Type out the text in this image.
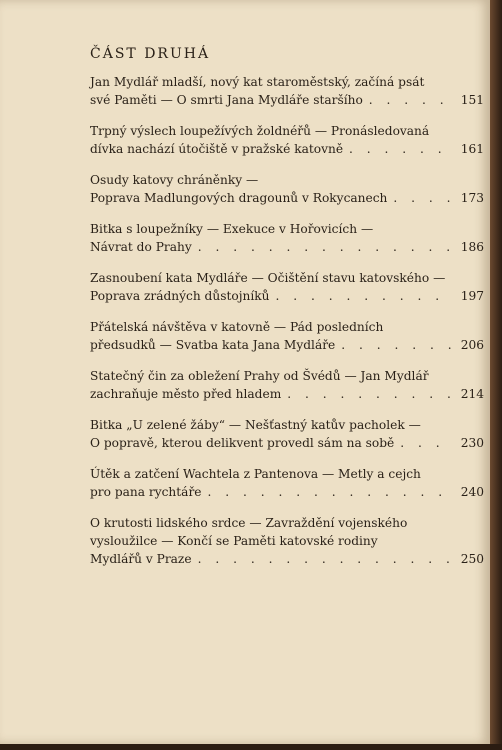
ČÁST DRUHÁ
Jan Mydlář mladší, nový kat staroměstský, začíná psát
své Paměti — O smrti Jana Mydláře staršího . . .	151
Trpný výslech loupežívých žoldnéřů — Pronásledovaná
dívka nachází útočiště v pražské katovně . . .	161
Osudy katovy chráněnky —
Poprava Madlungových dragounů v Rokycanech . . .	173
Bitka s loupežníky — Exekuce v Hořovicích —
Návrat do Prahy . . .	186
Zasnoubení kata Mydláře — Očištění stavu katovského —
Poprava zrádných důstojníků . . .	197
Přátelská návštěva v katovně — Pád posledních
předsudků — Svatba kata Jana Mydláře . . .	206
Statečný čin za obležení Prahy od Švédů — Jan Mydlář
zachraňuje město před hladem . . .	214
Bitka „U zelené žáby“ — Nešťastný katův pacholek —
O popravě, kterou delikvent provedl sám na sobě . . .	230
Útěk a zatčení Wachtela z Pantenova — Metly a cejch
pro pana rychtáře . . .	240
O krutosti lidského srdce — Zavraždění vojenského
vysloužilce — Končí se Paměti katovské rodiny
Mydlářů v Praze . . .	250
